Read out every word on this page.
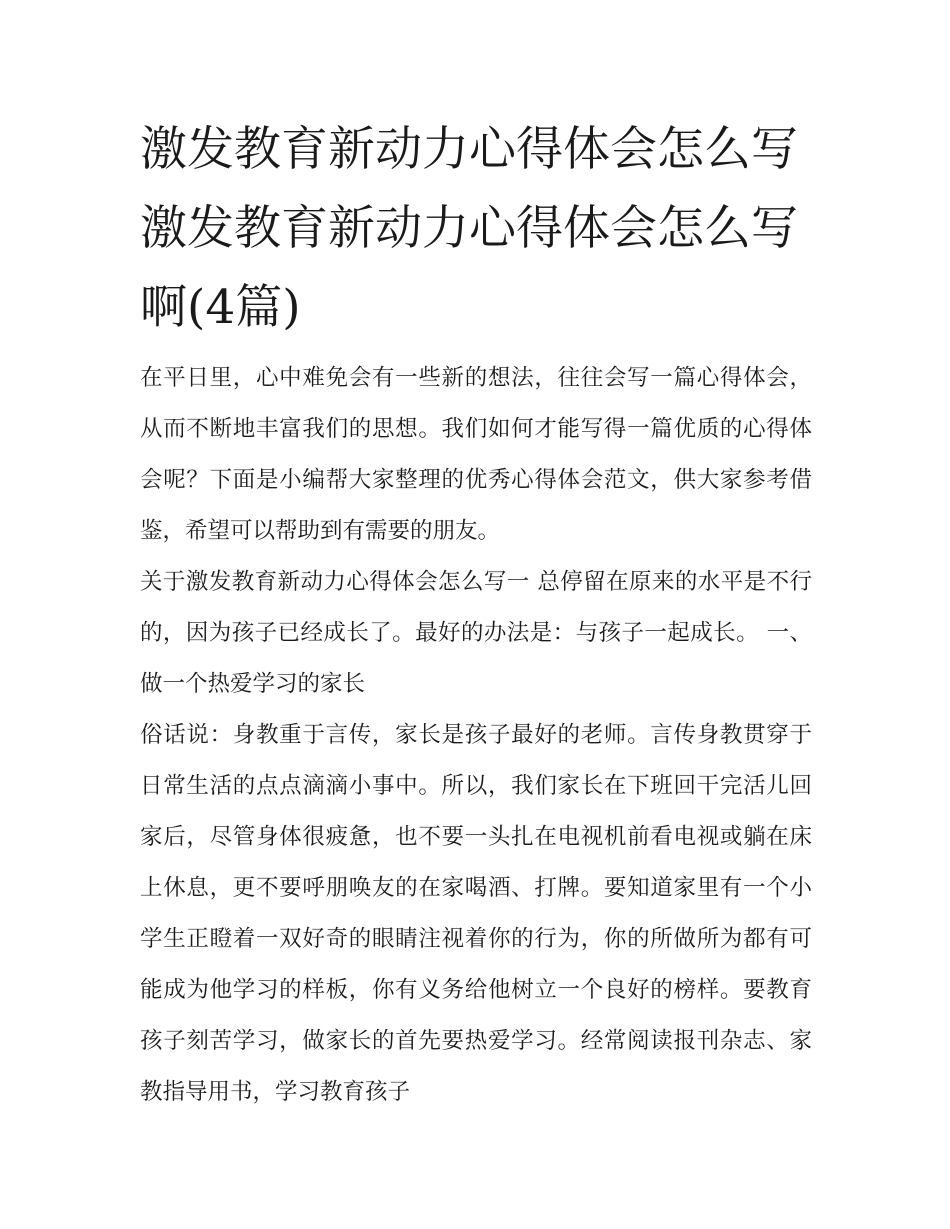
激发教育新动力心得体会怎么写 激发教育新动力心得体会怎么写啊(4篇)

在平日里，心中难免会有一些新的想法，往往会写一篇心得体会，从而不断地丰富我们的思想。我们如何才能写得一篇优质的心得体会呢？下面是小编帮大家整理的优秀心得体会范文，供大家参考借鉴，希望可以帮助到有需要的朋友。

关于激发教育新动力心得体会怎么写一 总停留在原来的水平是不行的，因为孩子已经成长了。最好的办法是：与孩子一起成长。 一、做一个热爱学习的家长

俗话说：身教重于言传，家长是孩子最好的老师。言传身教贯穿于日常生活的点点滴滴小事中。所以，我们家长在下班回干完活儿回家后，尽管身体很疲惫，也不要一头扎在电视机前看电视或躺在床上休息，更不要呼朋唤友的在家喝酒、打牌。要知道家里有一个小学生正瞪着一双好奇的眼睛注视着你的行为，你的所做所为都有可能成为他学习的样板，你有义务给他树立一个良好的榜样。要教育孩子刻苦学习，做家长的首先要热爱学习。经常阅读报刊杂志、家教指导用书，学习教育孩子
